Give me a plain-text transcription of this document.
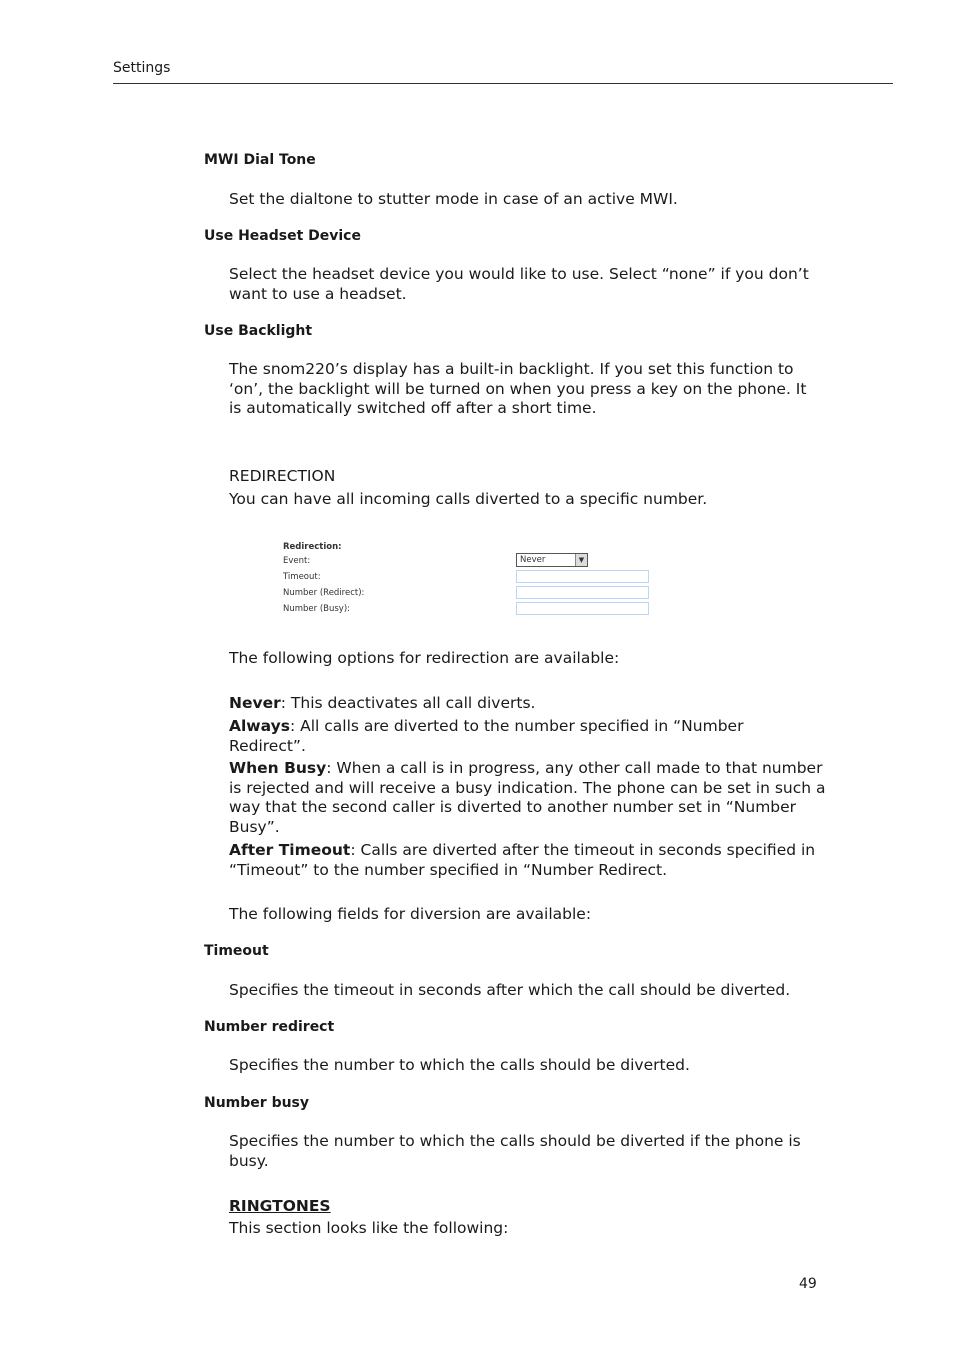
Settings
MWI Dial Tone
Set the dialtone to stutter mode in case of an active MWI.
Use Headset Device
Select the headset device you would like to use. Select “none” if you don’t want to use a headset.
Use Backlight
The snom220’s display has a built-in backlight. If you set this function to ‘on’, the backlight will be turned on when you press a key on the phone. It is automatically switched off after a short time.
REDIRECTION
You can have all incoming calls diverted to a specific number.
Redirection:
Event:
Timeout:
Number (Redirect):
Number (Busy):
Never	▼
The following options for redirection are available:
Never: This deactivates all call diverts.
Always: All calls are diverted to the number specified in “Number Redirect”.
When Busy: When a call is in progress, any other call made to that number is rejected and will receive a busy indication. The phone can be set in such a way that the second caller is diverted to another number set in “Number Busy”.
After Timeout: Calls are diverted after the timeout in seconds specified in “Timeout” to the number specified in “Number Redirect.
The following fields for diversion are available:
Timeout
Specifies the timeout in seconds after which the call should be diverted.
Number redirect
Specifies the number to which the calls should be diverted.
Number busy
Specifies the number to which the calls should be diverted if the phone is busy.
RINGTONES
This section looks like the following:
49
